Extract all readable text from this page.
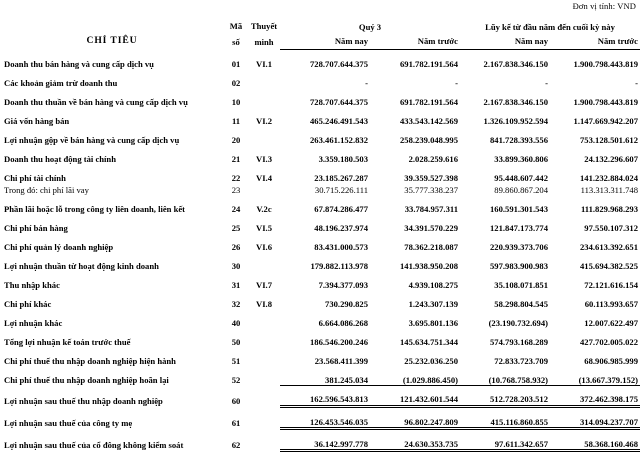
Đơn vị tính: VND
CHỈ TIÊU	Mã	Thuyết	Quý 3		Lũy kế từ đầu năm đến cuối kỳ này	
	số	minh	Năm nay	Năm trước	Năm nay	Năm trước
Doanh thu bán hàng và cung cấp dịch vụ	01	VI.1	728.707.644.375	691.782.191.564	2.167.838.346.150	1.900.798.443.819
Các khoản giảm trừ doanh thu	02		-	-	-	-
Doanh thu thuần về bán hàng và cung cấp dịch vụ	10		728.707.644.375	691.782.191.564	2.167.838.346.150	1.900.798.443.819
Giá vốn hàng bán	11	VI.2	465.246.491.543	433.543.142.569	1.326.109.952.594	1.147.669.942.207
Lợi nhuận gộp về bán hàng và cung cấp dịch vụ	20		263.461.152.832	258.239.048.995	841.728.393.556	753.128.501.612
Doanh thu hoạt động tài chính	21	VI.3	3.359.180.503	2.028.259.616	33.899.360.806	24.132.296.607
Chi phí tài chính	22	VI.4	23.185.267.287	39.359.527.398	95.448.607.442	141.232.884.024
Trong đó: chi phí lãi vay	23		30.715.226.111	35.777.338.237	89.860.867.204	113.313.311.748
Phần lãi hoặc lỗ trong công ty liên doanh, liên kết	24	V.2c	67.874.286.477	33.784.957.311	160.591.301.543	111.829.968.293
Chi phí bán hàng	25	VI.5	48.196.237.974	34.391.570.229	121.847.173.774	97.550.107.312
Chi phí quản lý doanh nghiệp	26	VI.6	83.431.000.573	78.362.218.087	220.939.373.706	234.613.392.651
Lợi nhuận thuần từ hoạt động kinh doanh	30		179.882.113.978	141.938.950.208	597.983.900.983	415.694.382.525
Thu nhập khác	31	VI.7	7.394.377.093	4.939.108.275	35.108.071.851	72.121.616.154
Chi phí khác	32	VI.8	730.290.825	1.243.307.139	58.298.804.545	60.113.993.657
Lợi nhuận khác	40		6.664.086.268	3.695.801.136	(23.190.732.694)	12.007.622.497
Tổng lợi nhuận kế toán trước thuế	50		186.546.200.246	145.634.751.344	574.793.168.289	427.702.005.022
Chi phí thuế thu nhập doanh nghiệp hiện hành	51		23.568.411.399	25.232.036.250	72.833.723.709	68.906.985.999
Chi phí thuế thu nhập doanh nghiệp hoãn lại	52		381.245.034	(1.029.886.450)	(10.768.758.932)	(13.667.379.152)
Lợi nhuận sau thuế thu nhập doanh nghiệp	60		162.596.543.813	121.432.601.544	512.728.203.512	372.462.398.175
Lợi nhuận sau thuế của công ty mẹ	61		126.453.546.035	96.802.247.809	415.116.860.855	314.094.237.707
Lợi nhuận sau thuế của cổ đông không kiểm soát	62		36.142.997.778	24.630.353.735	97.611.342.657	58.368.160.468
